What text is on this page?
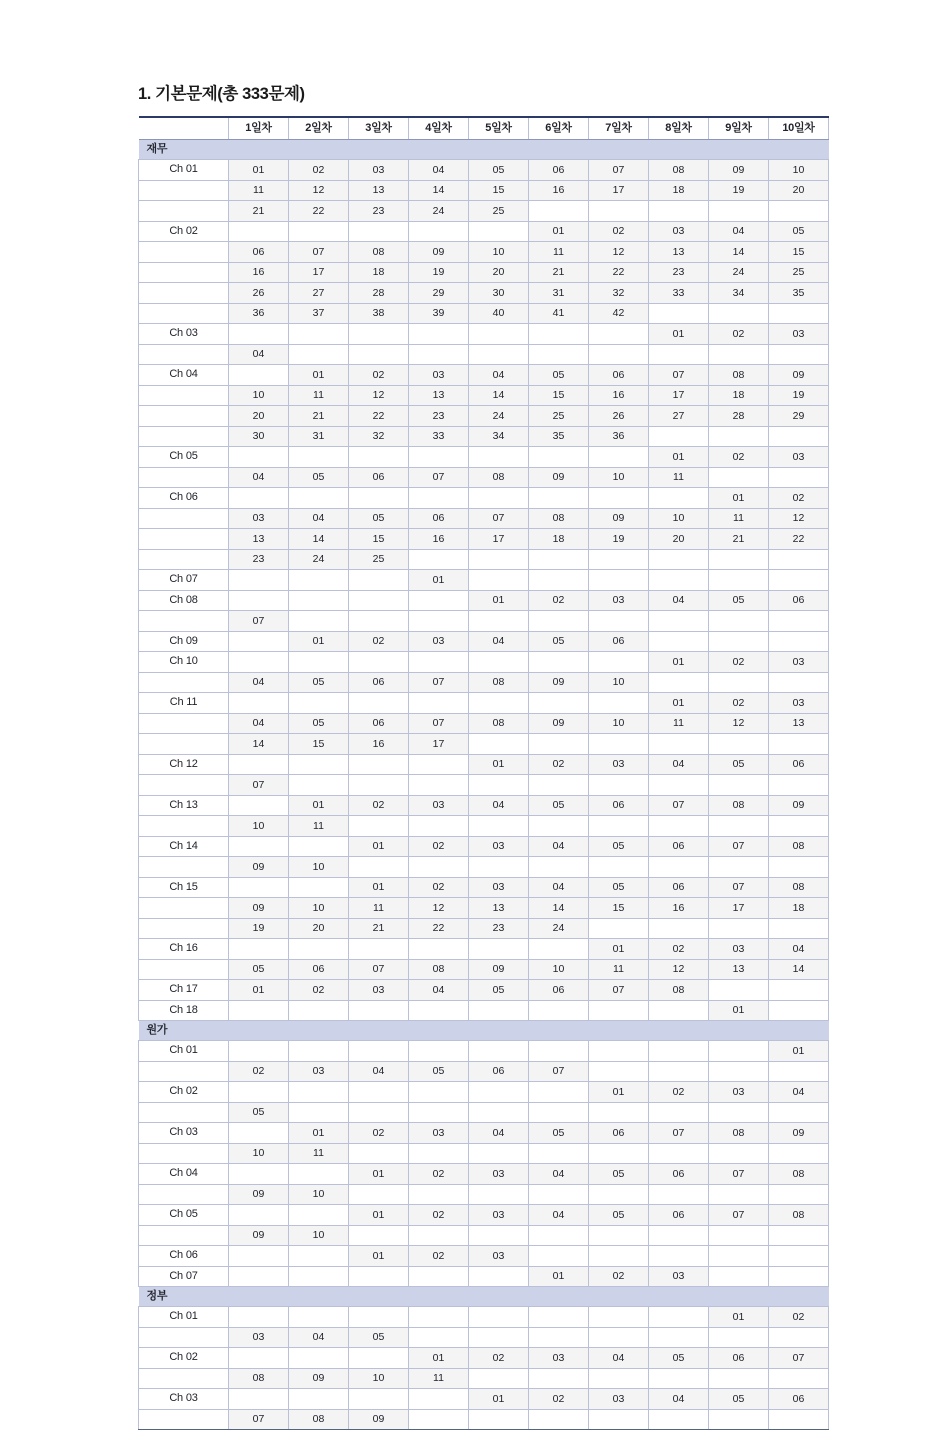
1. 기본문제(총 333문제)
	1일차	2일차	3일차	4일차	5일차	6일차	7일차	8일차	9일차	10일차
재무										
Ch 01	01	02	03	04	05	06	07	08	09	10
	11	12	13	14	15	16	17	18	19	20
	21	22	23	24	25					
Ch 02						01	02	03	04	05
	06	07	08	09	10	11	12	13	14	15
	16	17	18	19	20	21	22	23	24	25
	26	27	28	29	30	31	32	33	34	35
	36	37	38	39	40	41	42			
Ch 03								01	02	03
	04									
Ch 04		01	02	03	04	05	06	07	08	09
	10	11	12	13	14	15	16	17	18	19
	20	21	22	23	24	25	26	27	28	29
	30	31	32	33	34	35	36			
Ch 05								01	02	03
	04	05	06	07	08	09	10	11		
Ch 06									01	02
	03	04	05	06	07	08	09	10	11	12
	13	14	15	16	17	18	19	20	21	22
	23	24	25							
Ch 07				01						
Ch 08					01	02	03	04	05	06
	07									
Ch 09		01	02	03	04	05	06			
Ch 10								01	02	03
	04	05	06	07	08	09	10			
Ch 11								01	02	03
	04	05	06	07	08	09	10	11	12	13
	14	15	16	17						
Ch 12					01	02	03	04	05	06
	07									
Ch 13		01	02	03	04	05	06	07	08	09
	10	11								
Ch 14			01	02	03	04	05	06	07	08
	09	10								
Ch 15			01	02	03	04	05	06	07	08
	09	10	11	12	13	14	15	16	17	18
	19	20	21	22	23	24				
Ch 16							01	02	03	04
	05	06	07	08	09	10	11	12	13	14
Ch 17	01	02	03	04	05	06	07	08		
Ch 18									01	
원가										
Ch 01										01
	02	03	04	05	06	07				
Ch 02							01	02	03	04
	05									
Ch 03		01	02	03	04	05	06	07	08	09
	10	11								
Ch 04			01	02	03	04	05	06	07	08
	09	10								
Ch 05			01	02	03	04	05	06	07	08
	09	10								
Ch 06			01	02	03					
Ch 07						01	02	03		
정부										
Ch 01									01	02
	03	04	05							
Ch 02				01	02	03	04	05	06	07
	08	09	10	11						
Ch 03					01	02	03	04	05	06
	07	08	09							
